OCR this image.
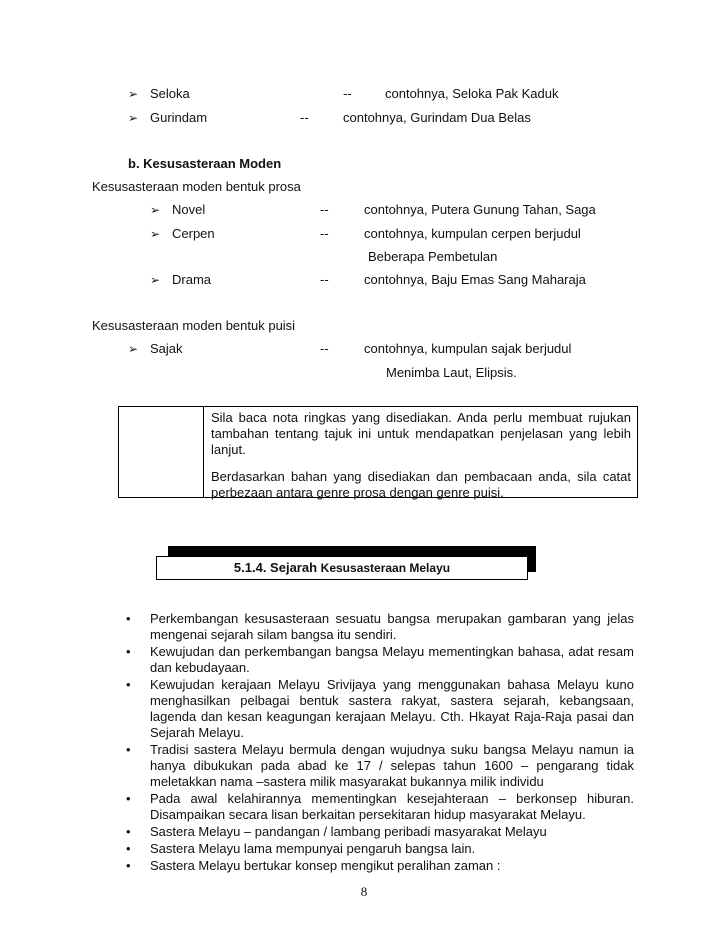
➢ Seloka	--	contohnya, Seloka Pak Kaduk
➢ Gurindam	--	contohnya, Gurindam Dua Belas
b. Kesusasteraan Moden
Kesusasteraan moden bentuk prosa
➢ Novel	--	contohnya, Putera Gunung Tahan, Saga
➢ Cerpen	--	contohnya, kumpulan cerpen berjudul
Beberapa Pembetulan
➢ Drama	--	contohnya, Baju Emas Sang Maharaja
Kesusasteraan moden bentuk puisi
➢ Sajak	--	contohnya, kumpulan sajak berjudul
Menimba Laut, Elipsis.
Sila baca nota ringkas yang disediakan. Anda perlu membuat rujukan tambahan tentang tajuk ini untuk mendapatkan penjelasan yang lebih lanjut.
Berdasarkan bahan yang disediakan dan pembacaan anda, sila catat perbezaan antara genre prosa dengan genre puisi.
5.1.4. Sejarah Kesusasteraan Melayu
• Perkembangan kesusasteraan sesuatu bangsa merupakan gambaran yang jelas mengenai sejarah silam bangsa itu sendiri.
• Kewujudan dan perkembangan bangsa Melayu mementingkan bahasa, adat resam dan kebudayaan.
• Kewujudan kerajaan Melayu Srivijaya yang menggunakan bahasa Melayu kuno menghasilkan pelbagai bentuk sastera rakyat, sastera sejarah, kebangsaan, lagenda dan kesan keagungan kerajaan Melayu. Cth. Hkayat Raja-Raja pasai dan Sejarah Melayu.
• Tradisi sastera Melayu bermula dengan wujudnya suku bangsa Melayu namun ia hanya dibukukan pada abad ke 17 / selepas tahun 1600 – pengarang tidak meletakkan nama –sastera milik masyarakat bukannya milik individu
• Pada awal kelahirannya mementingkan kesejahteraan – berkonsep hiburan. Disampaikan secara lisan berkaitan persekitaran hidup masyarakat Melayu.
• Sastera Melayu – pandangan / lambang peribadi masyarakat Melayu
• Sastera Melayu lama mempunyai pengaruh bangsa lain.
• Sastera Melayu bertukar konsep mengikut peralihan zaman :
8
